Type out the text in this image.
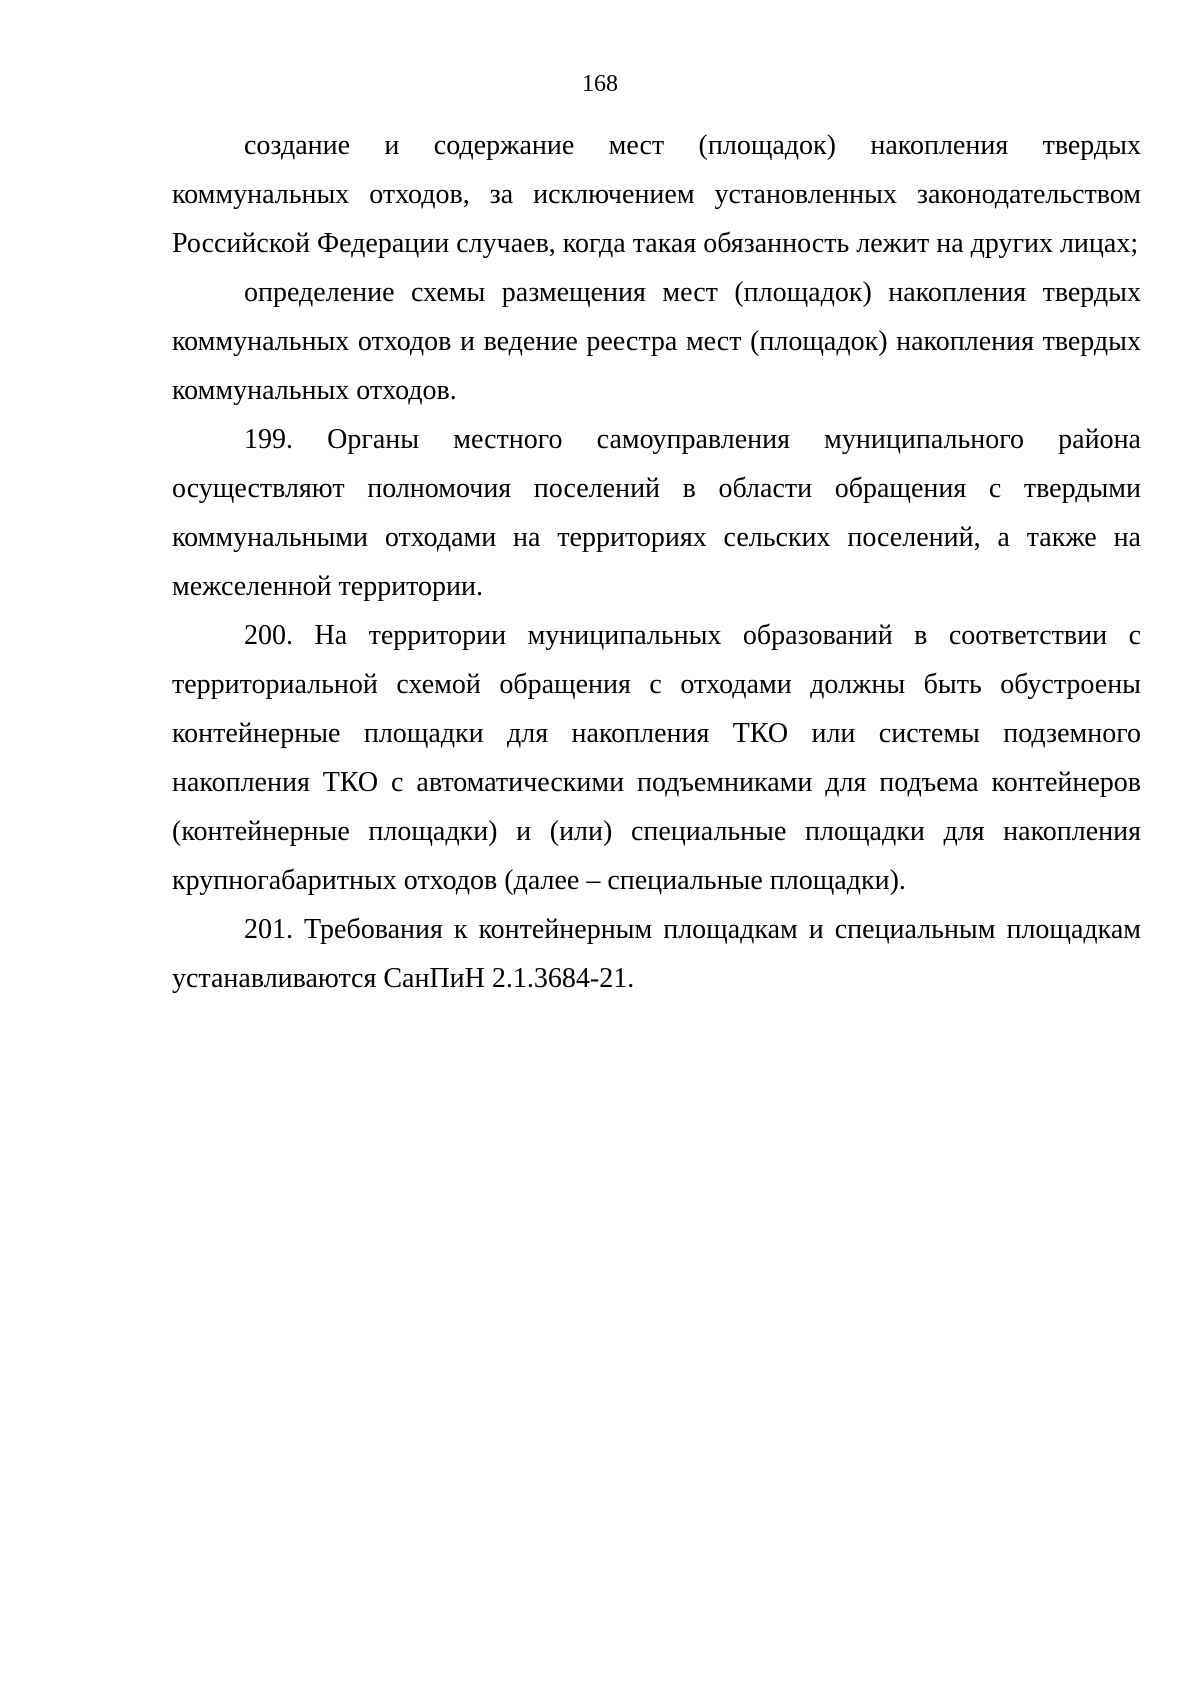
168

создание и содержание мест (площадок) накопления твердых коммунальных отходов, за исключением установленных законодательством Российской Федерации случаев, когда такая обязанность лежит на других лицах;

определение схемы размещения мест (площадок) накопления твердых коммунальных отходов и ведение реестра мест (площадок) накопления твердых коммунальных отходов.

199. Органы местного самоуправления муниципального района осуществляют полномочия поселений в области обращения с твердыми коммунальными отходами на территориях сельских поселений, а также на межселенной территории.

200. На территории муниципальных образований в соответствии с территориальной схемой обращения с отходами должны быть обустроены контейнерные площадки для накопления ТКО или системы подземного накопления ТКО с автоматическими подъемниками для подъема контейнеров (контейнерные площадки) и (или) специальные площадки для накопления крупногабаритных отходов (далее – специальные площадки).

201. Требования к контейнерным площадкам и специальным площадкам устанавливаются СанПиН 2.1.3684-21.
